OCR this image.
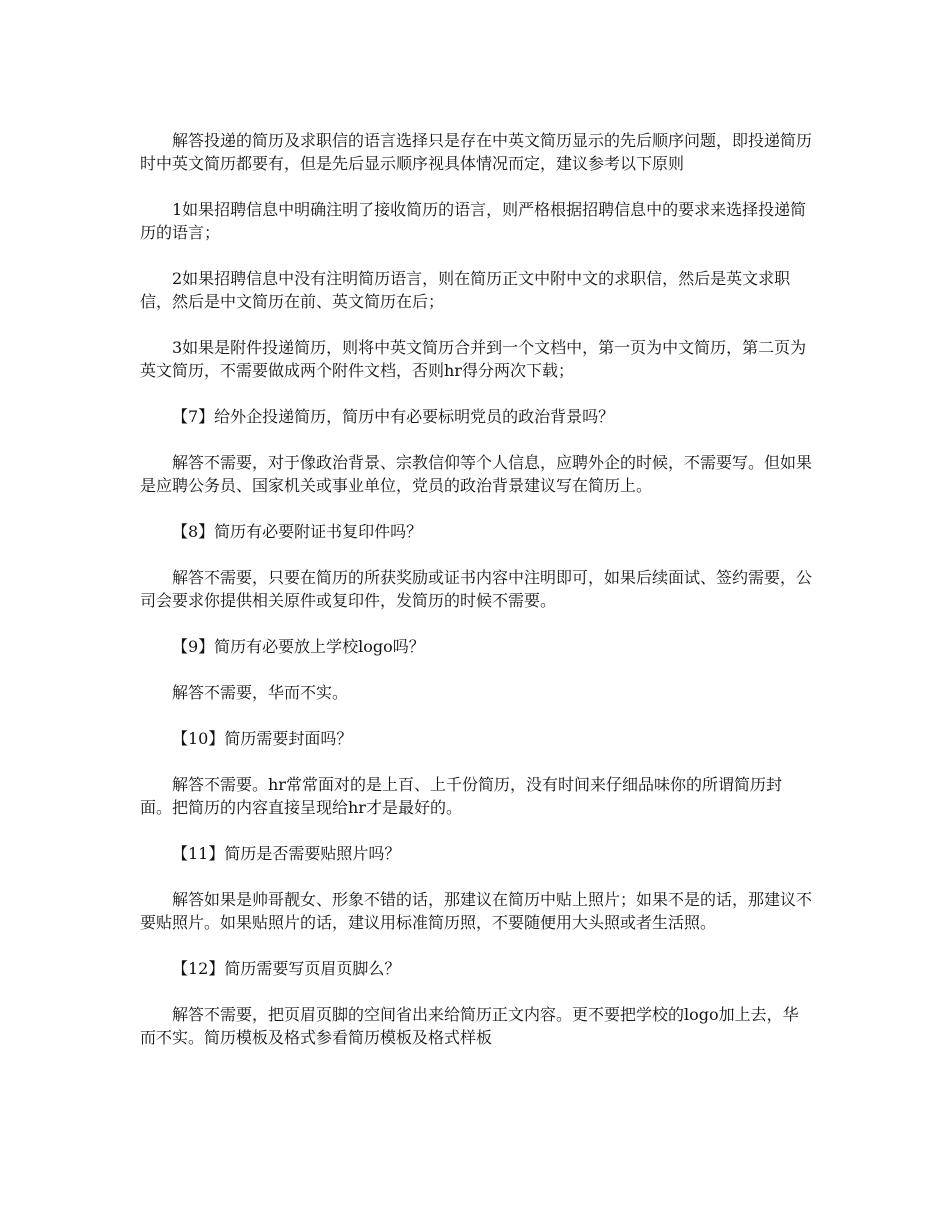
解答投递的简历及求职信的语言选择只是存在中英文简历显示的先后顺序问题，即投递简历时中英文简历都要有，但是先后显示顺序视具体情况而定，建议参考以下原则

1如果招聘信息中明确注明了接收简历的语言，则严格根据招聘信息中的要求来选择投递简历的语言；

2如果招聘信息中没有注明简历语言，则在简历正文中附中文的求职信，然后是英文求职信，然后是中文简历在前、英文简历在后；

3如果是附件投递简历，则将中英文简历合并到一个文档中，第一页为中文简历，第二页为英文简历，不需要做成两个附件文档，否则hr得分两次下载；

【7】给外企投递简历，简历中有必要标明党员的政治背景吗？

解答不需要，对于像政治背景、宗教信仰等个人信息，应聘外企的时候，不需要写。但如果是应聘公务员、国家机关或事业单位，党员的政治背景建议写在简历上。

【8】简历有必要附证书复印件吗？

解答不需要，只要在简历的所获奖励或证书内容中注明即可，如果后续面试、签约需要，公司会要求你提供相关原件或复印件，发简历的时候不需要。

【9】简历有必要放上学校logo吗？

解答不需要，华而不实。

【10】简历需要封面吗？

解答不需要。hr常常面对的是上百、上千份简历，没有时间来仔细品味你的所谓简历封面。把简历的内容直接呈现给hr才是最好的。

【11】简历是否需要贴照片吗？

解答如果是帅哥靓女、形象不错的话，那建议在简历中贴上照片；如果不是的话，那建议不要贴照片。如果贴照片的话，建议用标准简历照，不要随便用大头照或者生活照。

【12】简历需要写页眉页脚么？

解答不需要，把页眉页脚的空间省出来给简历正文内容。更不要把学校的logo加上去，华而不实。简历模板及格式参看简历模板及格式样板
